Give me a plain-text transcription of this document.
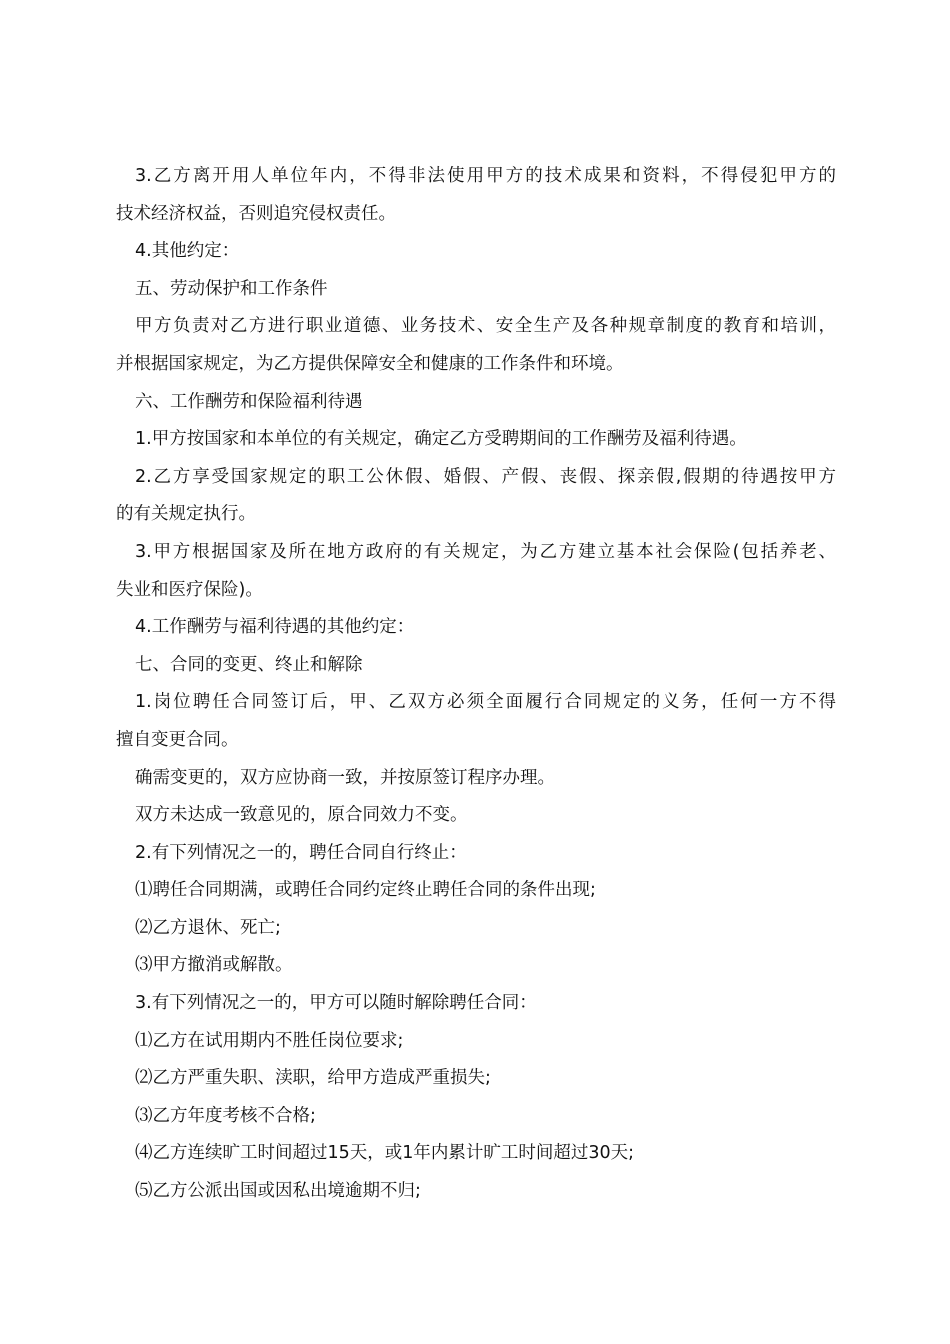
3.乙方离开用人单位年内，不得非法使用甲方的技术成果和资料，不得侵犯甲方的
技术经济权益，否则追究侵权责任。
4.其他约定：
五、劳动保护和工作条件
甲方负责对乙方进行职业道德、业务技术、安全生产及各种规章制度的教育和培训，
并根据国家规定，为乙方提供保障安全和健康的工作条件和环境。
六、工作酬劳和保险福利待遇
1.甲方按国家和本单位的有关规定，确定乙方受聘期间的工作酬劳及福利待遇。
2.乙方享受国家规定的职工公休假、婚假、产假、丧假、探亲假,假期的待遇按甲方
的有关规定执行。
3.甲方根据国家及所在地方政府的有关规定，为乙方建立基本社会保险(包括养老、
失业和医疗保险)。
4.工作酬劳与福利待遇的其他约定：
七、合同的变更、终止和解除
1.岗位聘任合同签订后，甲、乙双方必须全面履行合同规定的义务，任何一方不得
擅自变更合同。
确需变更的，双方应协商一致，并按原签订程序办理。
双方未达成一致意见的，原合同效力不变。
2.有下列情况之一的，聘任合同自行终止：
⑴聘任合同期满，或聘任合同约定终止聘任合同的条件出现;
⑵乙方退休、死亡;
⑶甲方撤消或解散。
3.有下列情况之一的，甲方可以随时解除聘任合同：
⑴乙方在试用期内不胜任岗位要求;
⑵乙方严重失职、渎职，给甲方造成严重损失;
⑶乙方年度考核不合格;
⑷乙方连续旷工时间超过15天，或1年内累计旷工时间超过30天;
⑸乙方公派出国或因私出境逾期不归;
